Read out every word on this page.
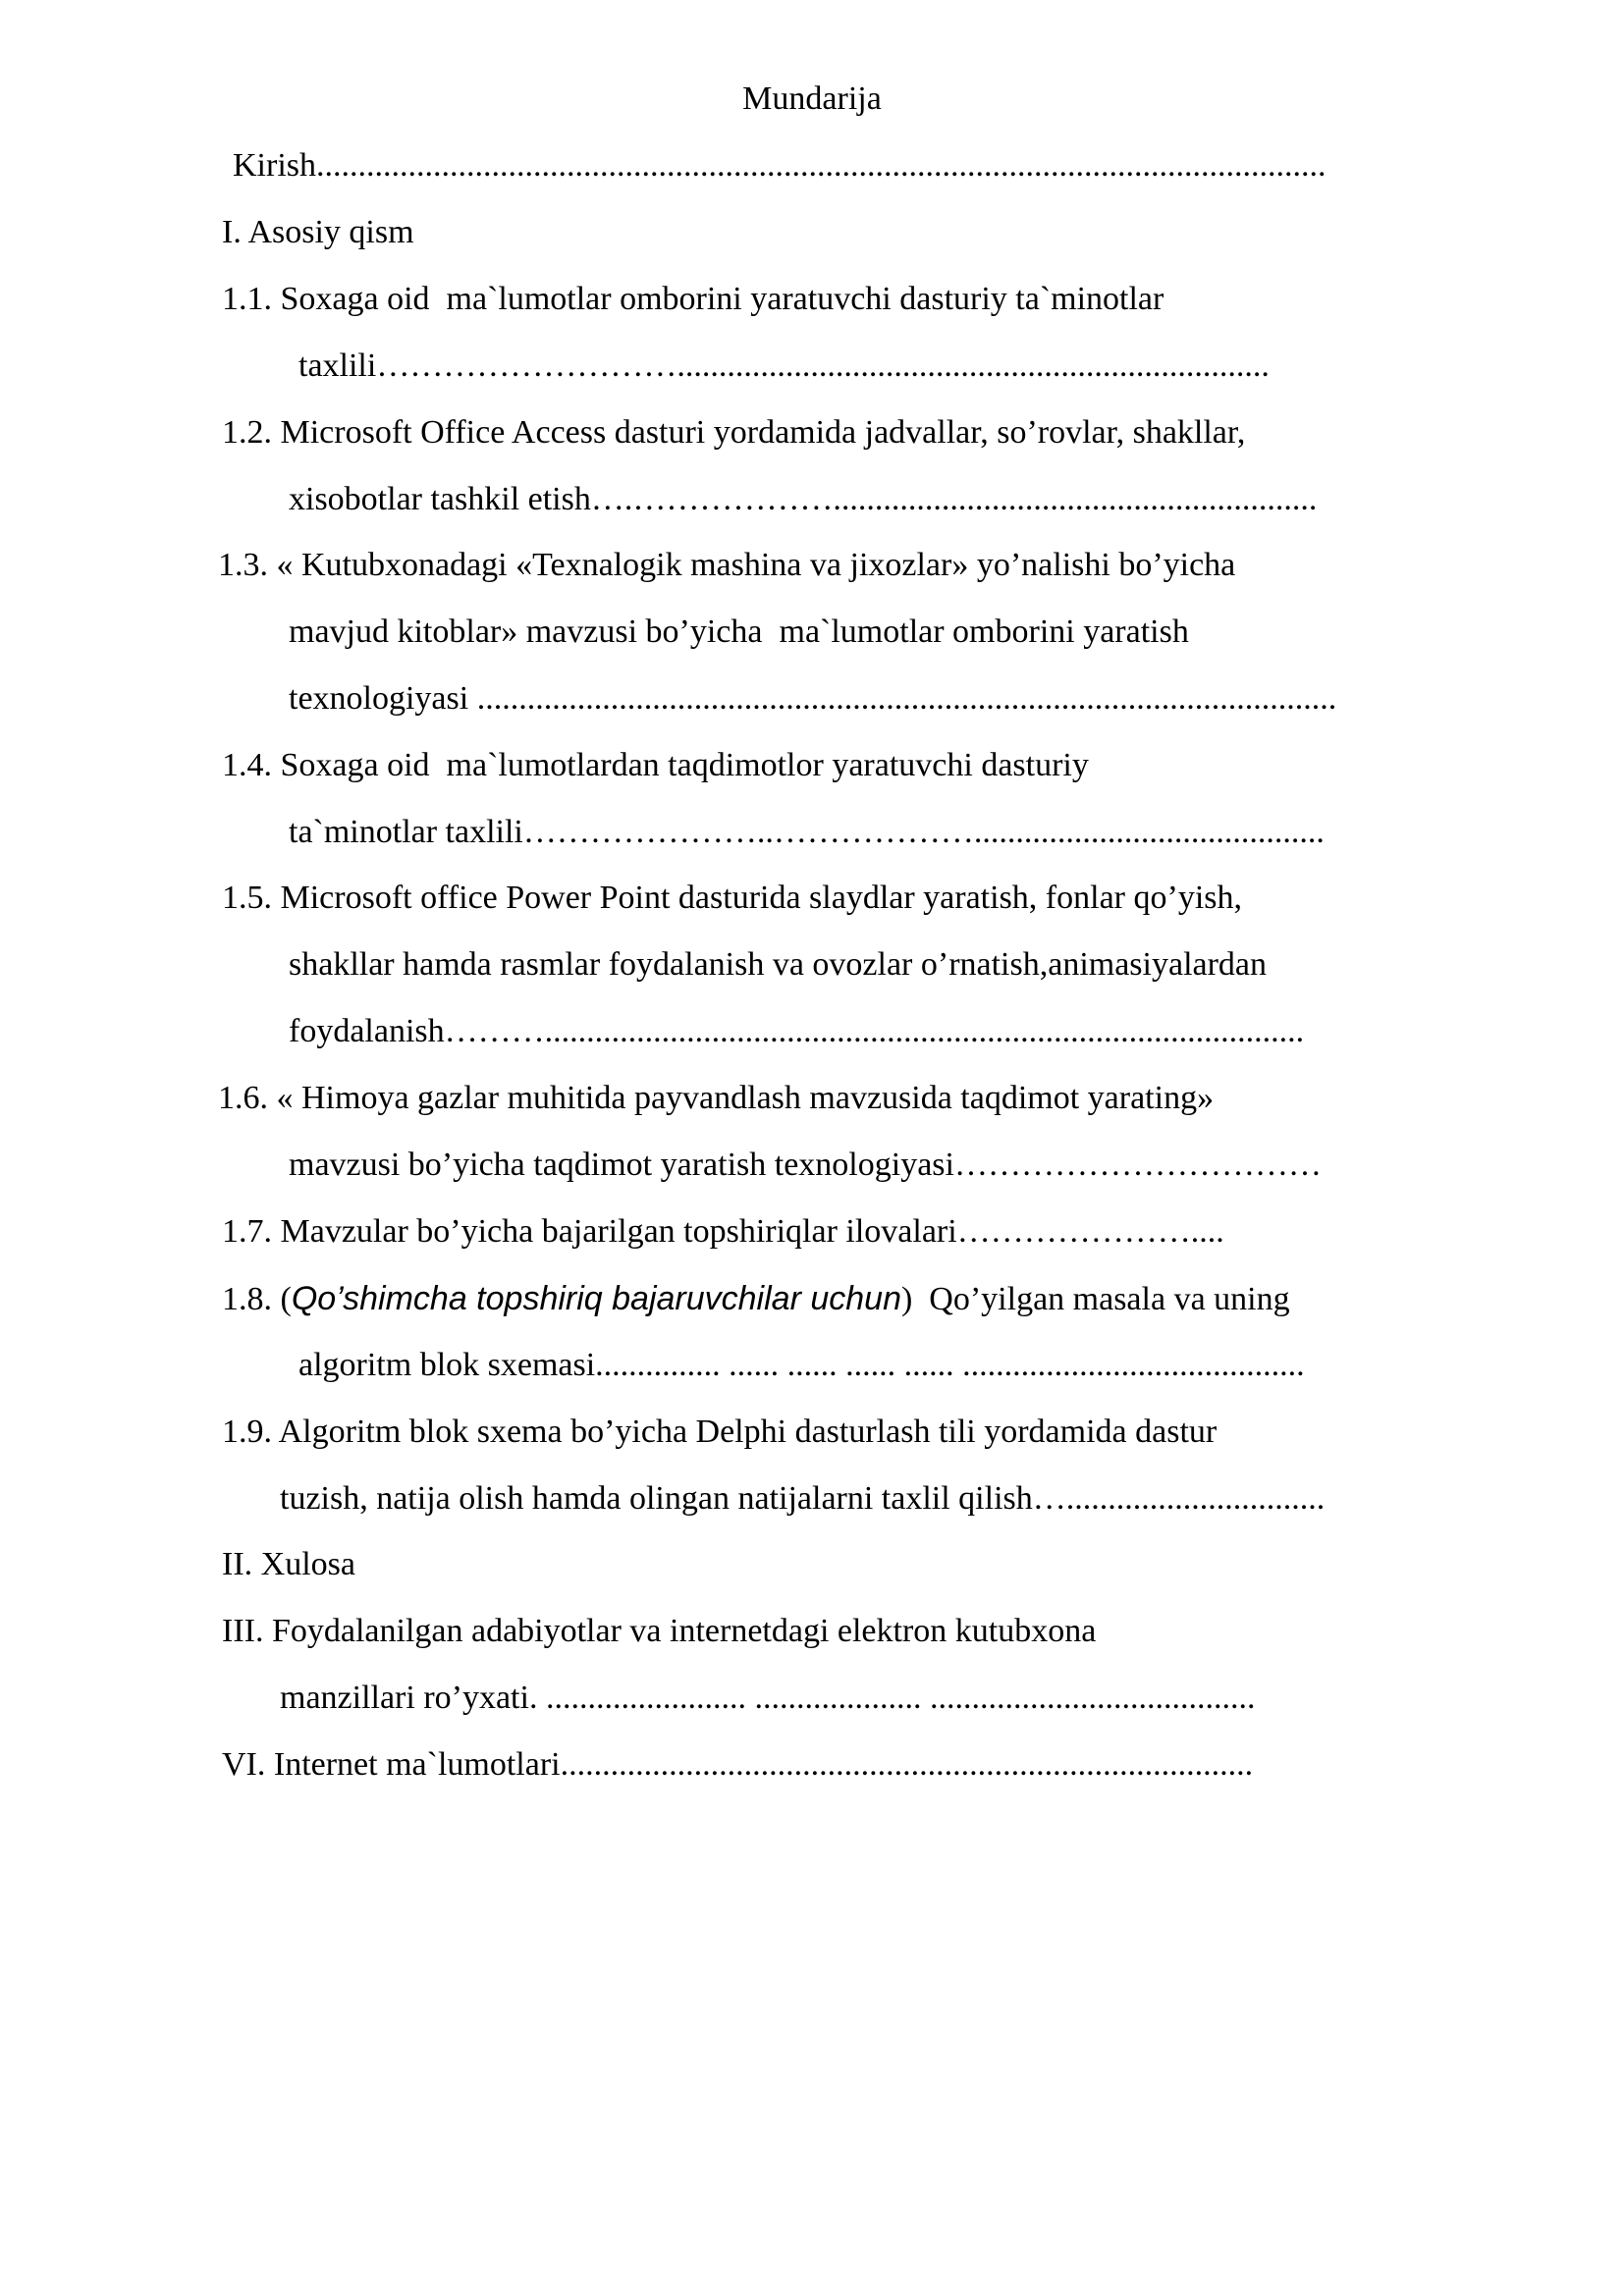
Mundarija
Kirish.........................................................................................................................
I. Asosiy qism
1.1. Soxaga oid  ma`lumotlar omborini yaratuvchi dasturiy ta`minotlar
taxlili……………………….......................................................................
1.2. Microsoft Office Access dasturi yordamida jadvallar, so’rovlar, shakllar,
xisobotlar tashkil etish….………………..........................................................
1.3. « Kutubxonadagi «Texnalogik mashina va jixozlar» yo’nalishi bo’yicha
mavjud kitoblar» mavzusi bo’yicha  ma`lumotlar omborini yaratish
texnologiyasi .......................................................................................................
1.4. Soxaga oid  ma`lumotlardan taqdimotlor yaratuvchi dasturiy
ta`minotlar taxlili…………………..………………..........................................
1.5. Microsoft office Power Point dasturida slaydlar yaratish, fonlar qo’yish,
shakllar hamda rasmlar foydalanish va ovozlar o’rnatish,animasiyalardan
foydalanish………...........................................................................................
1.6. « Himoya gazlar muhitida payvandlash mavzusida taqdimot yarating»
mavzusi bo’yicha taqdimot yaratish texnologiyasi……………………………
1.7. Mavzular bo’yicha bajarilgan topshiriqlar ilovalari…………………....
1.8. (Qo’shimcha topshiriq bajaruvchilar uchun)  Qo’yilgan masala va uning
algoritm blok sxemasi............... ...... ...... ...... ...... .........................................
1.9. Algoritm blok sxema bo’yicha Delphi dasturlash tili yordamida dastur
tuzish, natija olish hamda olingan natijalarni taxlil qilish…...............................
II. Xulosa
III. Foydalanilgan adabiyotlar va internetdagi elektron kutubxona
manzillari ro’yxati. ........................ .................... .......................................
VI. Internet ma`lumotlari...................................................................................
